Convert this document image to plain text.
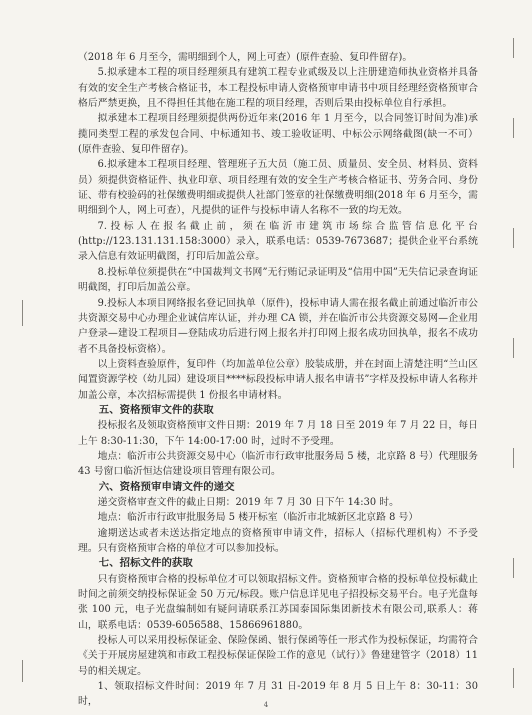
（2018 年 6 月至今，需明细到个人，网上可查）(原件查验、复印件留存)。

5.拟承建本工程的项目经理须具有建筑工程专业贰级及以上注册建造师执业资格并具备有效的安全生产考核合格证书，本工程投标申请人资格预审申请书中项目经理经资格预审合格后严禁更换，且不得担任其他在施工程的项目经理，否则后果由投标单位自行承担。

拟承建本工程项目经理须提供两份近年来(2016 年 1 月至今，以合同签订时间为准)承揽同类型工程的承发包合同、中标通知书、竣工验收证明、中标公示网络截图(缺一不可）(原件查验、复印件留存)。

6.拟承建本工程项目经理、管理班子五大员（施工员、质量员、安全员、材料员、资料员）须提供资格证件、执业印章、项目经理有效的安全生产考核合格证书、劳务合同、身份证、带有校验码的社保缴费明细或提供人社部门签章的社保缴费明细(2018 年 6 月至今，需明细到个人，网上可查），凡提供的证件与投标申请人名称不一致的均无效。

7.投标人在报名截止前，须在临沂市建筑市场综合监管信息化平台(http://123.131.131.158:3000）录入，联系电话：0539-7673687；提供企业平台系统录入信息有效证明截图，打印后加盖公章。

8.投标单位须提供在“中国裁判文书网”无行贿记录证明及“信用中国”无失信记录查询证明截图，打印后加盖公章。

9.投标人本项目网络报名登记回执单（原件)，投标申请人需在报名截止前通过临沂市公共资源交易中心办理企业诚信库认证，并办理 CA 锁，并在临沂市公共资源交易网—企业用户登录—建设工程项目—登陆成功后进行网上报名并打印网上报名成功回执单，报名不成功者不具备投标资格）。

以上资料查验原件，复印件（均加盖单位公章）胶装成册，并在封面上清楚注明“兰山区闻置资源学校（幼儿园）建设项目****标段投标申请人报名申请书”字样及投标申请人名称并加盖公章，本次招标需提供 1 份报名申请材料。

五、资格预审文件的获取

投标报名及领取资格预审文件日期：2019 年 7 月 18 日至 2019 年 7 月 22 日，每日上午 8:30-11:30，下午 14:00-17:00 时，过时不予受理。

地点：临沂市公共资源交易中心（临沂市行政审批服务局 5 楼，北京路 8 号）代理服务 43 号窗口临沂恒达信建设项目管理有限公司。

六、资格预审申请文件的递交

递交资格审查文件的截止日期：2019 年 7 月 30 日下午 14:30 时。

地点：临沂市行政审批服务局 5 楼开标室（临沂市北城新区北京路 8 号）

逾期送达或者未送达指定地点的资格预审申请文件，招标人（招标代理机构）不予受理。只有资格预审合格的单位才可以参加投标。

七、招标文件的获取

只有资格预审合格的投标单位才可以领取招标文件。资格预审合格的投标单位投标截止时间之前须交纳投标保证金 50 万元/标段。账户信息详见电子招投标交易平台。电子光盘每张 100 元，电子光盘编制如有疑问请联系江苏国泰国际集团新技术有限公司,联系人：蒋山，联系电话：0539-6056588、15866961880。

投标人可以采用投标保证金、保险保函、银行保函等任一形式作为投标保证，均需符合《关于开展房屋建筑和市政工程投标保证保险工作的意见（试行）》鲁建建管字（2018）11 号的相关规定。

1、领取招标文件时间：2019 年 7 月 31 日-2019 年 8 月 5 日上午 8：30-11：30 时，	4
